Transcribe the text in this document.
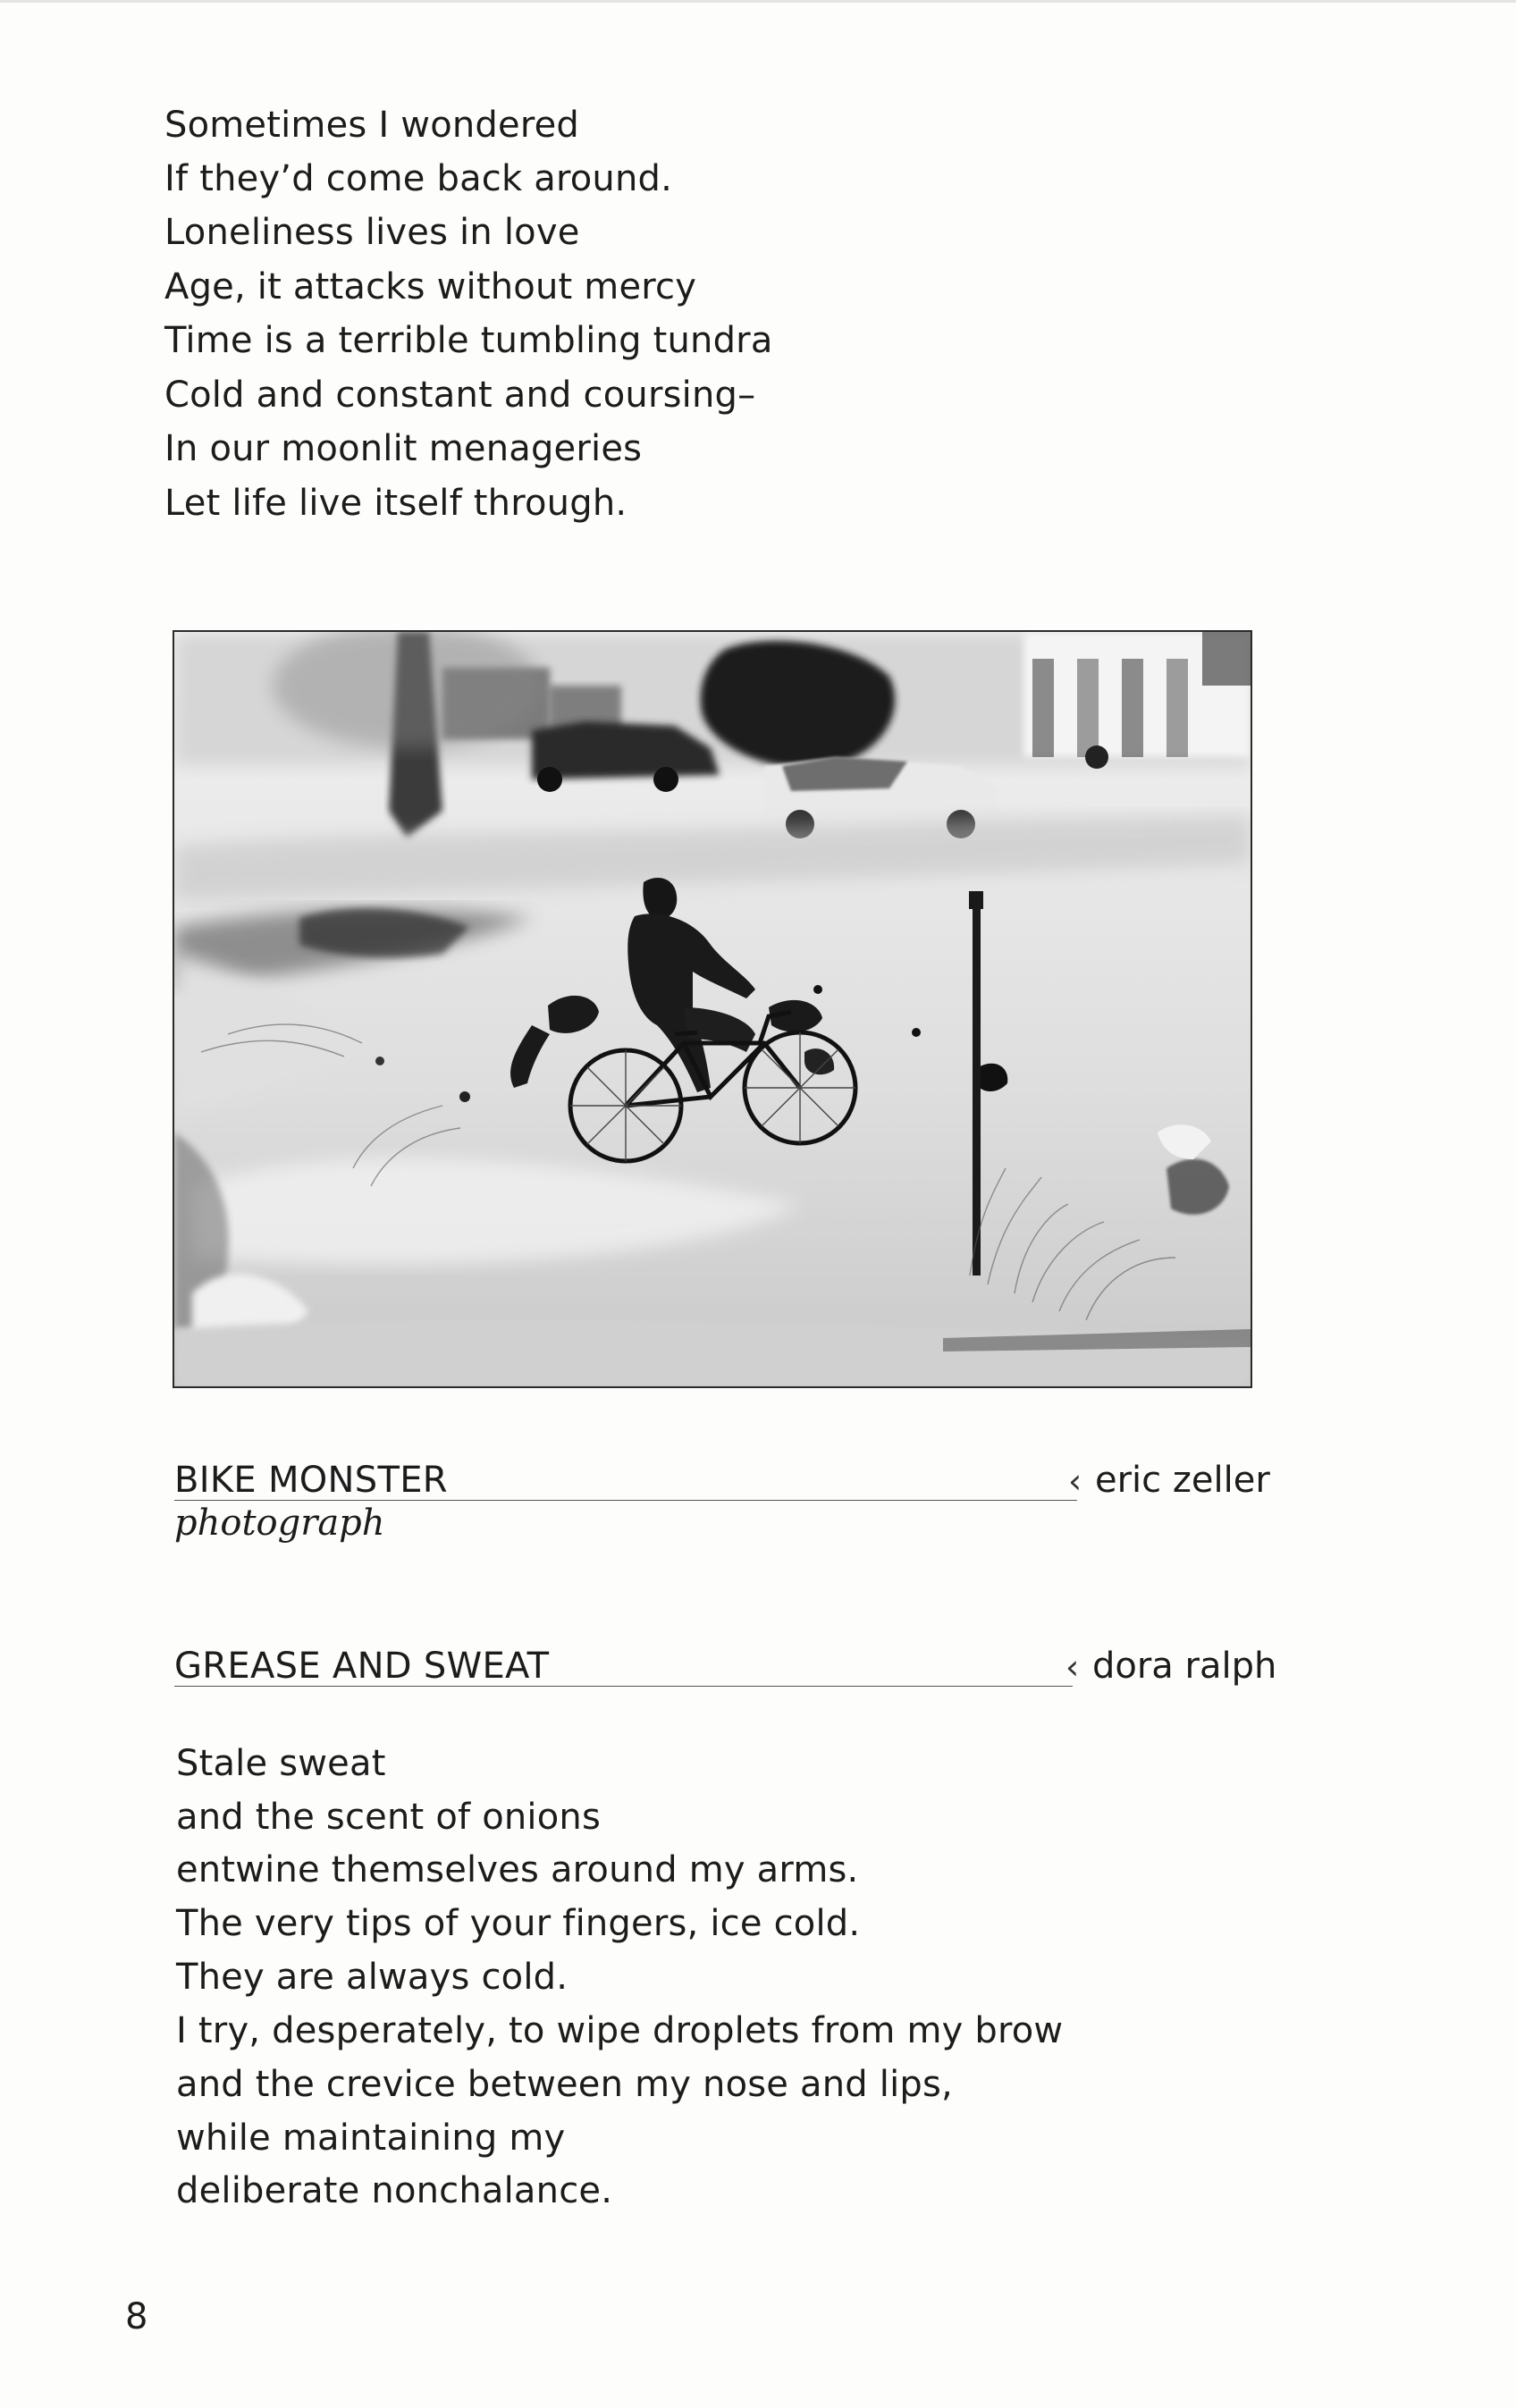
Sometimes I wondered
If they’d come back around.
Loneliness lives in love
Age, it attacks without mercy
Time is a terrible tumbling tundra
Cold and constant and coursing–
In our moonlit menageries
Let life live itself through.
BIKE MONSTER	‹ eric zeller
photograph
GREASE AND SWEAT	‹ dora ralph
Stale sweat
and the scent of onions
entwine themselves around my arms.
The very tips of your fingers, ice cold.
They are always cold.
I try, desperately, to wipe droplets from my brow
and the crevice between my nose and lips,
while maintaining my
deliberate nonchalance.
8
